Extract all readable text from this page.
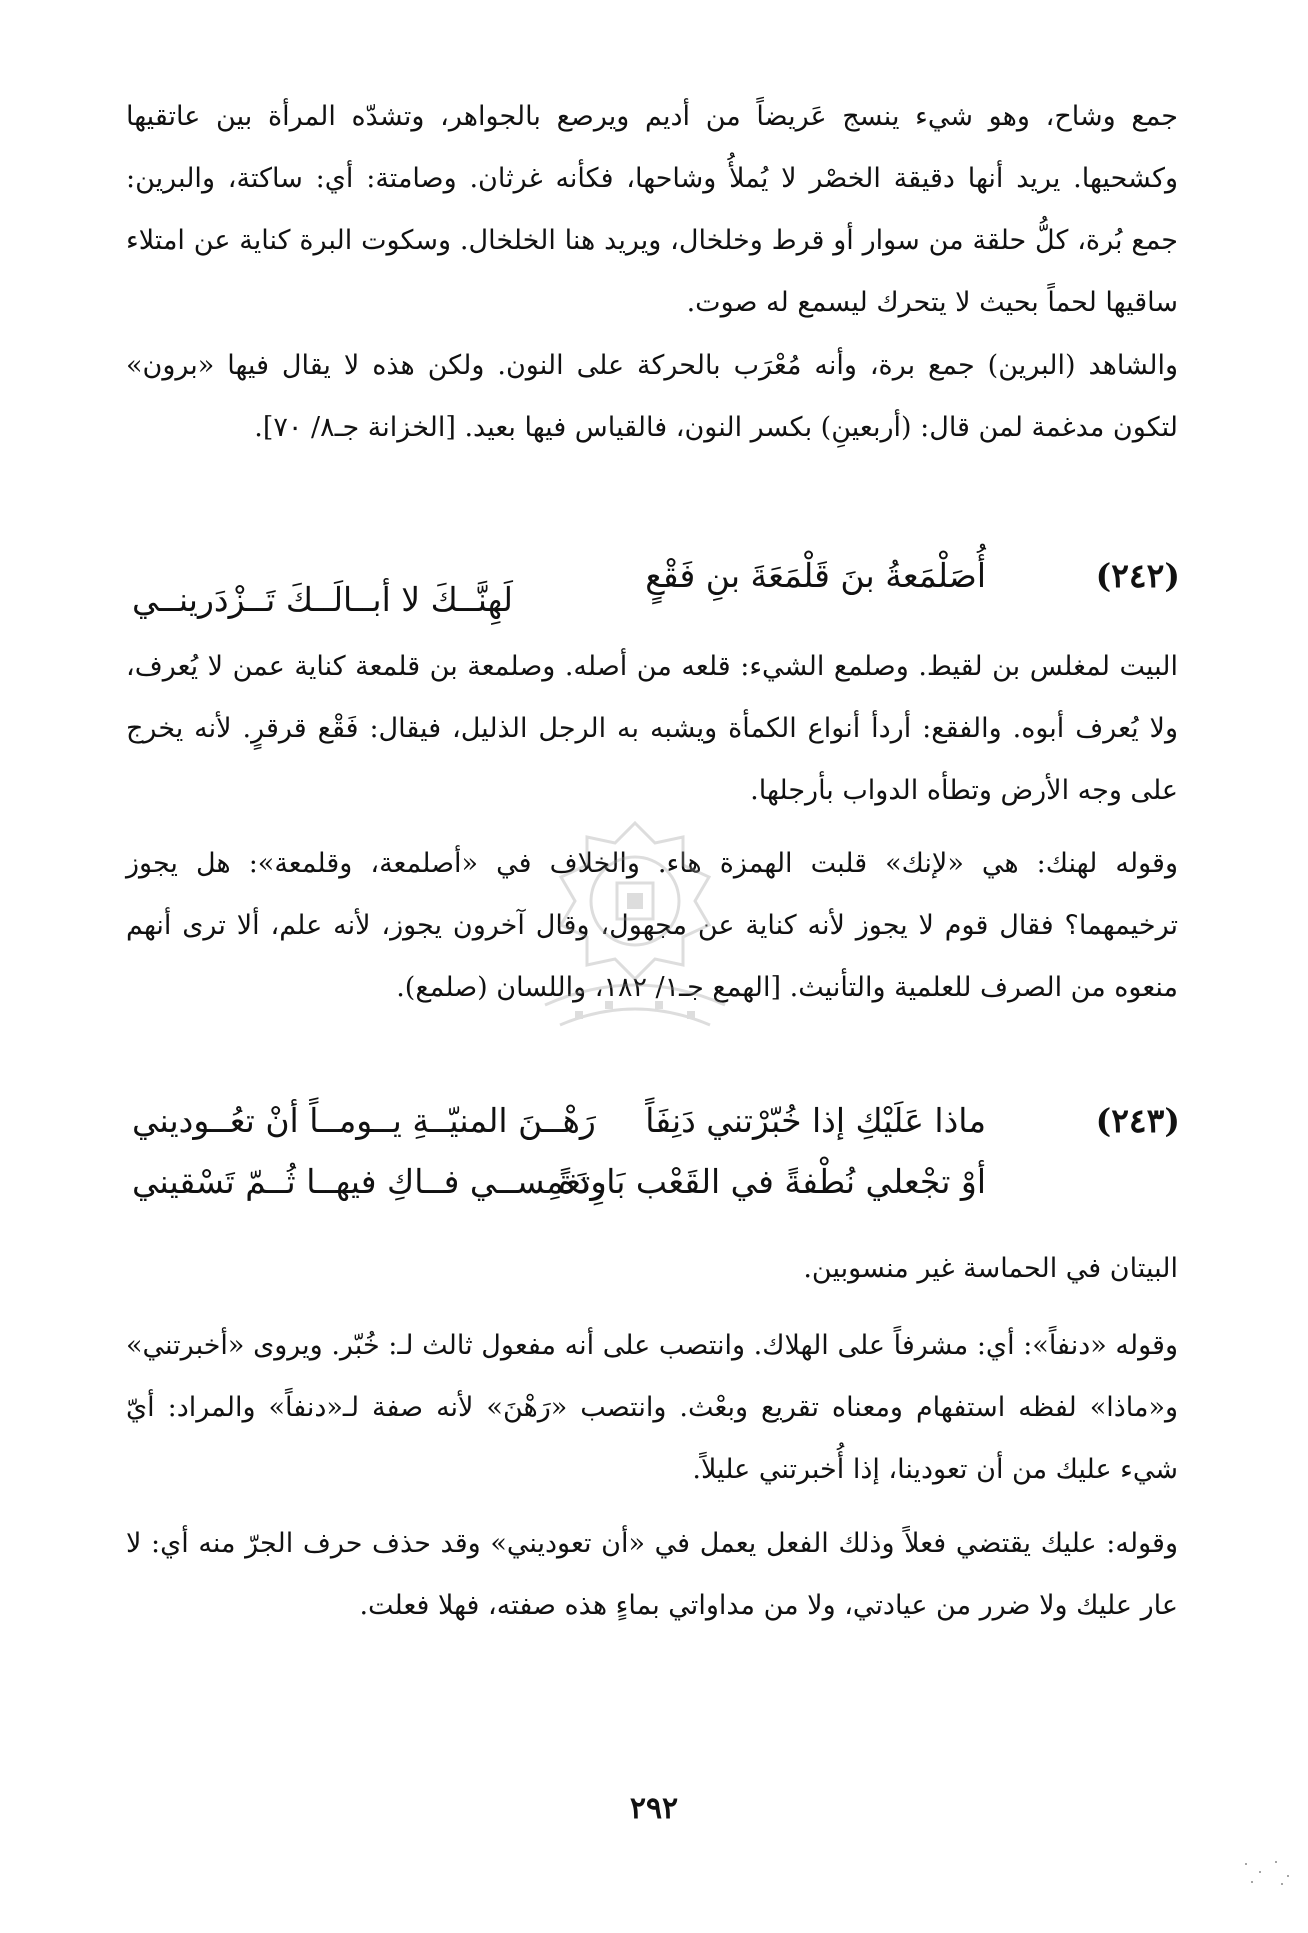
جمع وشاح، وهو شيء ينسج عَريضاً من أديم ويرصع بالجواهر، وتشدّه المرأة بين عاتقيها وكشحيها. يريد أنها دقيقة الخصْر لا يُملأُ وشاحها، فكأنه غرثان. وصامتة: أي: ساكتة، والبرين: جمع بُرة، كلُّ حلقة من سوار أو قرط وخلخال، ويريد هنا الخلخال. وسكوت البرة كناية عن امتلاء ساقيها لحماً بحيث لا يتحرك ليسمع له صوت.

والشاهد (البرين) جمع برة، وأنه مُعْرَب بالحركة على النون. ولكن هذه لا يقال فيها «برون» لتكون مدغمة لمن قال: (أربعينِ) بكسر النون، فالقياس فيها بعيد. [الخزانة جـ٨/ ٧٠].

(٢٤٢)
أُصَلْمَعةُ بنَ قَلْمَعَةَ بنِ فَقْعٍ
لَهِنَّــكَ لا أبــالَــكَ تَــزْدَرينــي

البيت لمغلس بن لقيط. وصلمع الشيء: قلعه من أصله. وصلمعة بن قلمعة كناية عمن لا يُعرف، ولا يُعرف أبوه. والفقع: أردأ أنواع الكمأة ويشبه به الرجل الذليل، فيقال: فَقْع قرقرٍ. لأنه يخرج على وجه الأرض وتطأه الدواب بأرجلها.

وقوله لهنك: هي «لإنك» قلبت الهمزة هاء. والخلاف في «أصلمعة، وقلمعة»: هل يجوز ترخيمهما؟ فقال قوم لا يجوز لأنه كناية عن مجهول، وقال آخرون يجوز، لأنه علم، ألا ترى أنهم منعوه من الصرف للعلمية والتأنيث. [الهمع جـ١/ ١٨٢، واللسان (صلمع).

(٢٤٣)
ماذا عَلَيْكِ إذا خُبّرْتني دَنِفَاً
رَهْــنَ المنيّــةِ يــومــاً أنْ تعُــوديني
أوْ تجْعلي نُطْفةً في القَعْب بَارِدَةً
وتغمِســي فــاكِ فيهــا ثُــمّ تَسْقيني

البيتان في الحماسة غير منسوبين.

وقوله «دنفاً»: أي: مشرفاً على الهلاك. وانتصب على أنه مفعول ثالث لـ: خُبّر. ويروى «أخبرتني» و«ماذا» لفظه استفهام ومعناه تقريع وبعْث. وانتصب «رَهْنَ» لأنه صفة لـ«دنفاً» والمراد: أيّ شيء عليك من أن تعودينا، إذا أُخبرتني عليلاً.

وقوله: عليك يقتضي فعلاً وذلك الفعل يعمل في «أن تعوديني» وقد حذف حرف الجرّ منه أي: لا عار عليك ولا ضرر من عيادتي، ولا من مداواتي بماءٍ هذه صفته، فهلا فعلت.

٢٩٢
